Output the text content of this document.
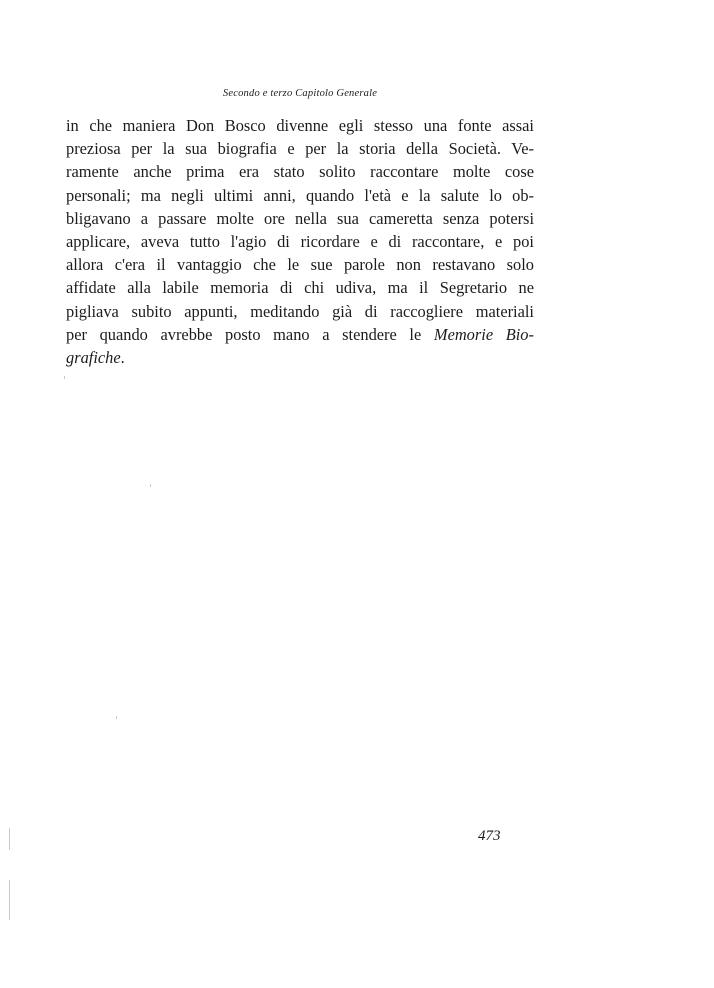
Secondo e terzo Capitolo Generale
in che maniera Don Bosco divenne egli stesso una fonte assai
preziosa per la sua biografia e per la storia della Società. Ve-
ramente anche prima era stato solito raccontare molte cose
personali; ma negli ultimi anni, quando l'età e la salute lo ob-
bligavano a passare molte ore nella sua cameretta senza potersi
applicare, aveva tutto l'agio di ricordare e di raccontare, e poi
allora c'era il vantaggio che le sue parole non restavano solo
affidate alla labile memoria di chi udiva, ma il Segretario ne
pigliava subito appunti, meditando già di raccogliere materiali
per quando avrebbe posto mano a stendere le Memorie Bio-
grafiche.
473
